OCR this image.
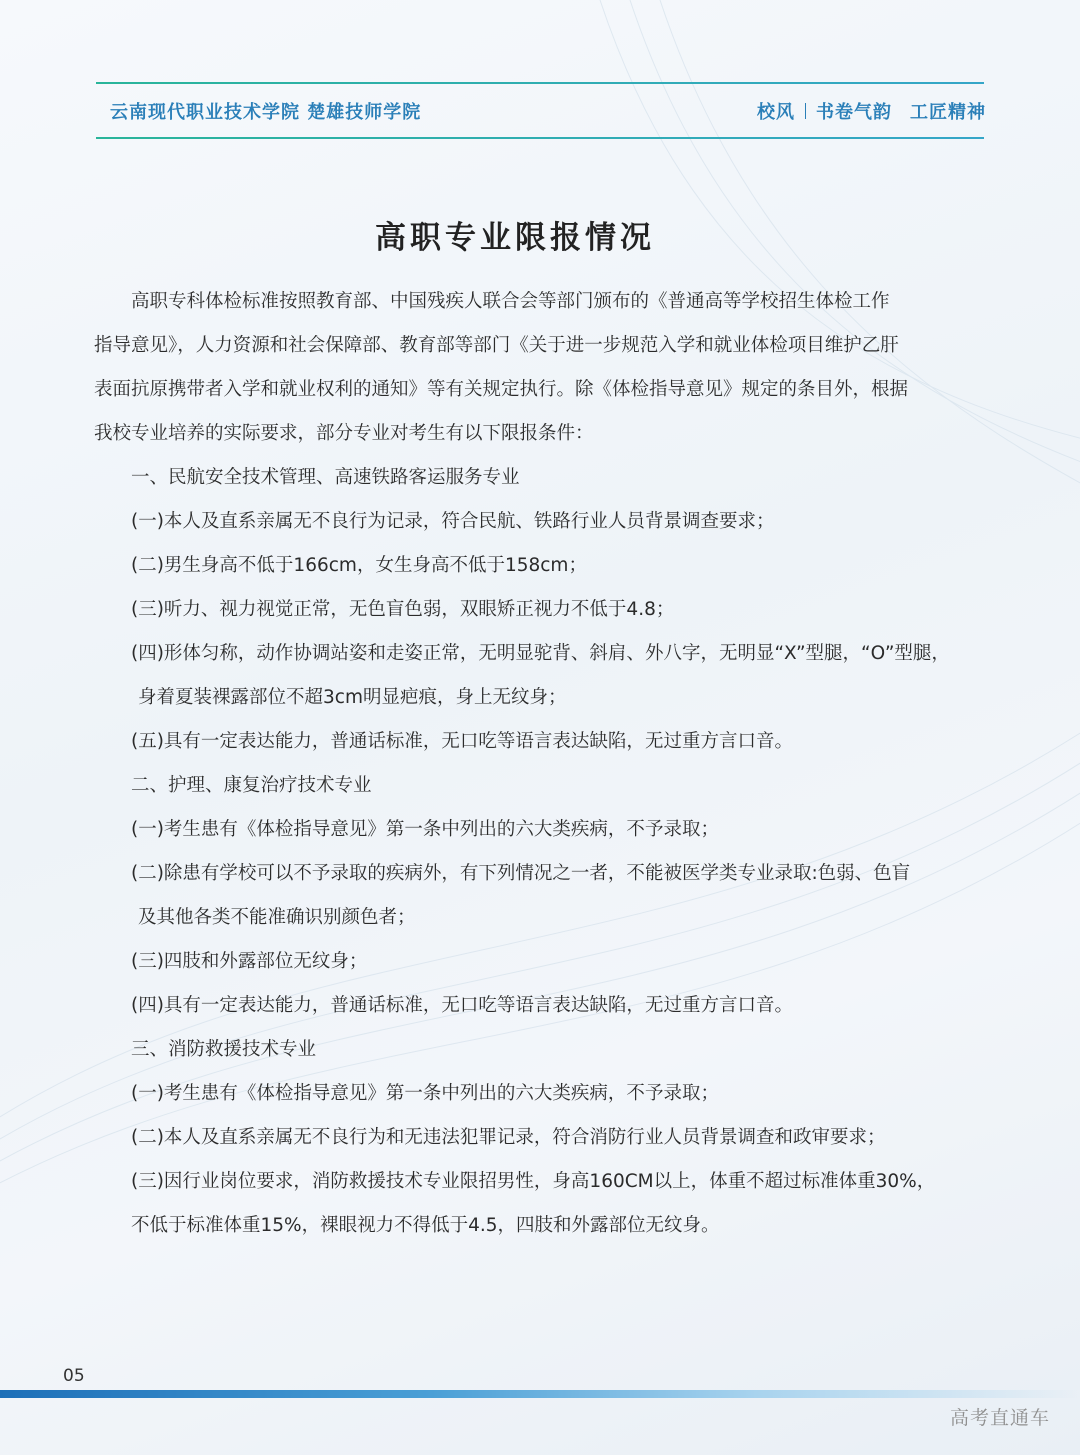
云南现代职业技术学院 楚雄技师学院	校风 书卷气韵 工匠精神
高职专业限报情况

高职专科体检标准按照教育部、中国残疾人联合会等部门颁布的《普通高等学校招生体检工作

指导意见》，人力资源和社会保障部、教育部等部门《关于进一步规范入学和就业体检项目维护乙肝

表面抗原携带者入学和就业权利的通知》等有关规定执行。除《体检指导意见》规定的条目外，根据

我校专业培养的实际要求，部分专业对考生有以下限报条件：

一、民航安全技术管理、高速铁路客运服务专业

(一)本人及直系亲属无不良行为记录，符合民航、铁路行业人员背景调查要求；

(二)男生身高不低于166cm，女生身高不低于158cm；

(三)听力、视力视觉正常，无色盲色弱，双眼矫正视力不低于4.8；

(四)形体匀称，动作协调站姿和走姿正常，无明显驼背、斜肩、外八字，无明显“X”型腿，“O”型腿，

身着夏装裸露部位不超3cm明显疤痕，身上无纹身；

(五)具有一定表达能力，普通话标准，无口吃等语言表达缺陷，无过重方言口音。

二、护理、康复治疗技术专业

(一)考生患有《体检指导意见》第一条中列出的六大类疾病，不予录取；

(二)除患有学校可以不予录取的疾病外，有下列情况之一者，不能被医学类专业录取:色弱、色盲

及其他各类不能准确识别颜色者；

(三)四肢和外露部位无纹身；

(四)具有一定表达能力，普通话标准，无口吃等语言表达缺陷，无过重方言口音。

三、消防救援技术专业

(一)考生患有《体检指导意见》第一条中列出的六大类疾病，不予录取；

(二)本人及直系亲属无不良行为和无违法犯罪记录，符合消防行业人员背景调查和政审要求；

(三)因行业岗位要求，消防救援技术专业限招男性，身高160CM以上，体重不超过标准体重30%，

不低于标准体重15%，裸眼视力不得低于4.5，四肢和外露部位无纹身。

05
高考直通车
